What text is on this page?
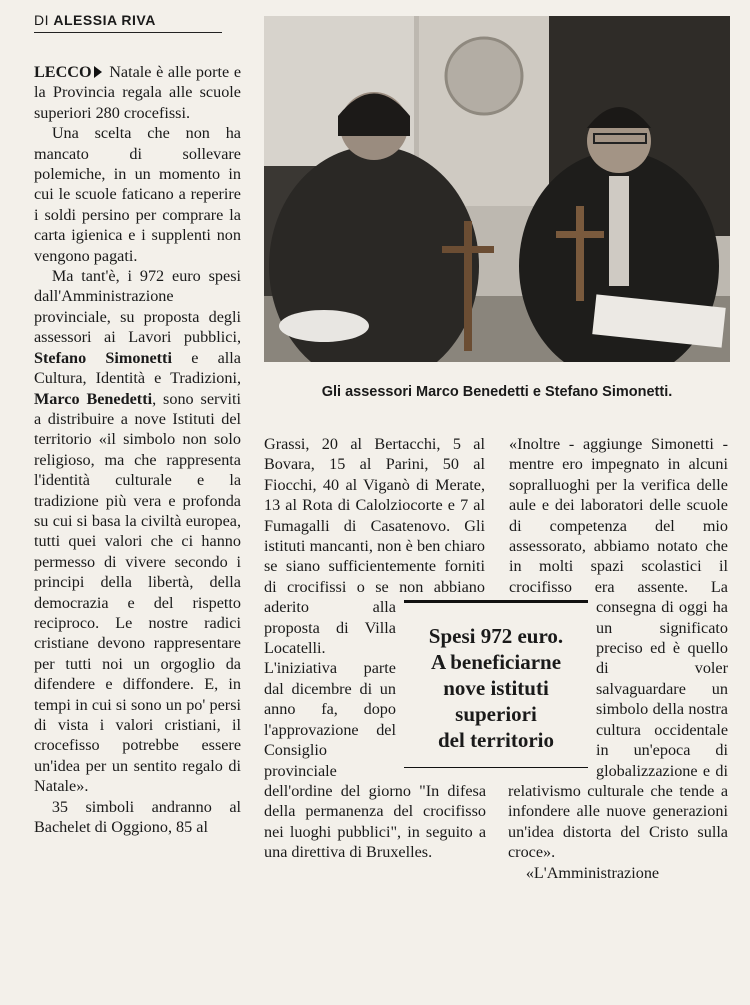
DI ALESSIA RIVA
Gli assessori Marco Benedetti e Stefano Simonetti.

LECCO Natale è alle porte e la Provincia regala alle scuole superiori 280 crocefissi.

Una scelta che non ha mancato di sollevare polemiche, in un momento in cui le scuole faticano a reperire i soldi persino per comprare la carta igienica e i supplenti non vengono pagati.

Ma tant'è, i 972 euro spesi dall'Amministrazione provinciale, su proposta degli assessori ai Lavori pubblici, Stefano Simonetti e alla Cultura, Identità e Tradizioni, Marco Benedetti, sono serviti a distribuire a nove Istituti del territorio «il simbolo non solo religioso, ma che rappresenta l'identità culturale e la tradizione più vera e profonda su cui si basa la civiltà europea, tutti quei valori che ci hanno permesso di vivere secondo i principi della libertà, della democrazia e del rispetto reciproco. Le nostre radici cristiane devono rappresentare per tutti noi un orgoglio da difendere e diffondere. E, in tempi in cui si sono un po' persi di vista i valori cristiani, il crocefisso potrebbe essere un'idea per un sentito regalo di Natale».

35 simboli andranno al Bachelet di Oggiono, 85 al

Grassi, 20 al Bertacchi, 5 al Bovara, 15 al Parini, 50 al Fiocchi, 40 al Viganò di Merate, 13 al Rota di Calolziocorte e 7 al Fumagalli di Casatenovo. Gli istituti mancanti, non è ben chiaro se siano sufficientemente forniti di crocifissi o se non abbiano aderito alla proposta di Villa Locatelli. L'iniziativa parte dal dicembre di un anno fa, dopo l'approvazione del Consiglio provinciale dell'ordine del giorno "In difesa della permanenza del crocifisso nei luoghi pubblici", in seguito a una direttiva di Bruxelles.

«Inoltre - aggiunge Simonetti - mentre ero impegnato in alcuni sopralluoghi per la verifica delle aule e dei laboratori delle scuole di competenza del mio assessorato, abbiamo notato che in molti spazi scolastici il crocifisso era assente. La consegna di oggi ha un significato preciso ed è quello di voler salvaguardare un simbolo della nostra cultura occidentale in un'epoca di globalizzazione e di relativismo culturale che tende a infondere alle nuove generazioni un'idea distorta del Cristo sulla croce».

«L'Amministrazione

Spesi 972 euro.
A beneficiarne
nove istituti
superiori
del territorio
